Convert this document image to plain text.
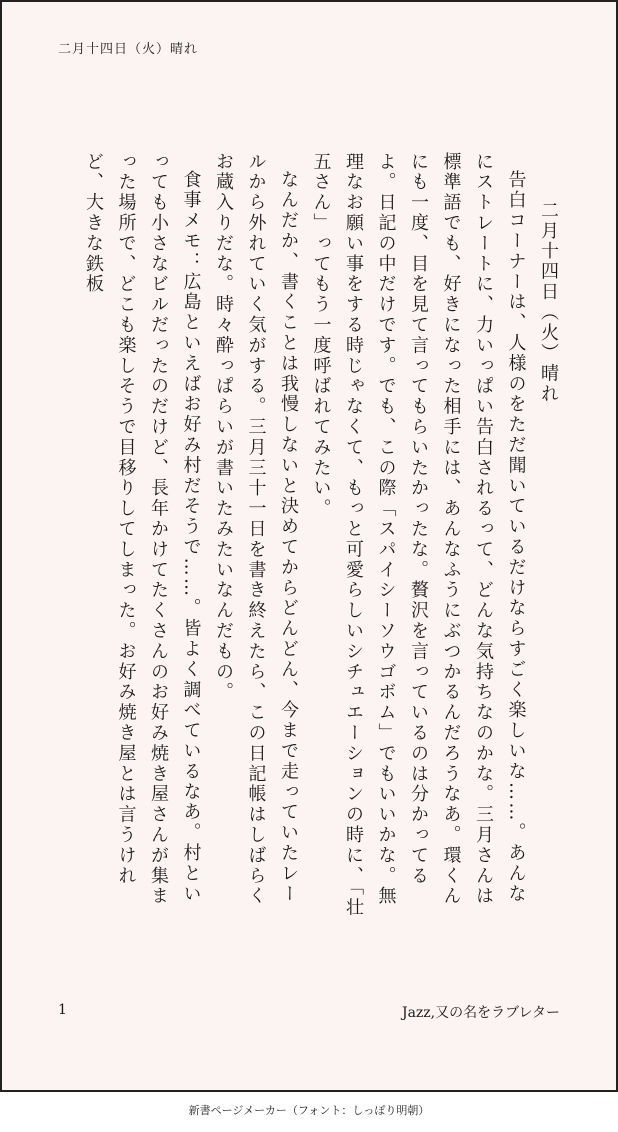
二月十四日（火）晴れ

二月十四日（火）晴れ

告白コーナーは、人様のをただ聞いているだけならすごく楽しいな……。あんなにストレートに、力いっぱい告白されるって、どんな気持ちなのかな。三月さんは標準語でも、好きになった相手には、あんなふうにぶつかるんだろうなあ。環くんにも一度、目を見て言ってもらいたかったな。贅沢を言っているのは分かってるよ。日記の中だけです。でも、この際「スパイシーソウゴボム」でもいいかな。無理なお願い事をする時じゃなくて、もっと可愛らしいシチュエーションの時に、「壮五さん」ってもう一度呼ばれてみたい。

なんだか、書くことは我慢しないと決めてからどんどん、今まで走っていたレールから外れていく気がする。三月三十一日を書き終えたら、この日記帳はしばらくお蔵入りだな。時々酔っぱらいが書いたみたいなんだもの。

食事メモ：広島といえばお好み村だそうで……。皆よく調べているなあ。村といっても小さなビルだったのだけど、長年かけてたくさんのお好み焼き屋さんが集まった場所で、どこも楽しそうで目移りしてしまった。お好み焼き屋とは言うけれど、大きな鉄板

1	Jazz,又の名をラブレター
新書ページメーカー（フォント：しっぽり明朝）
